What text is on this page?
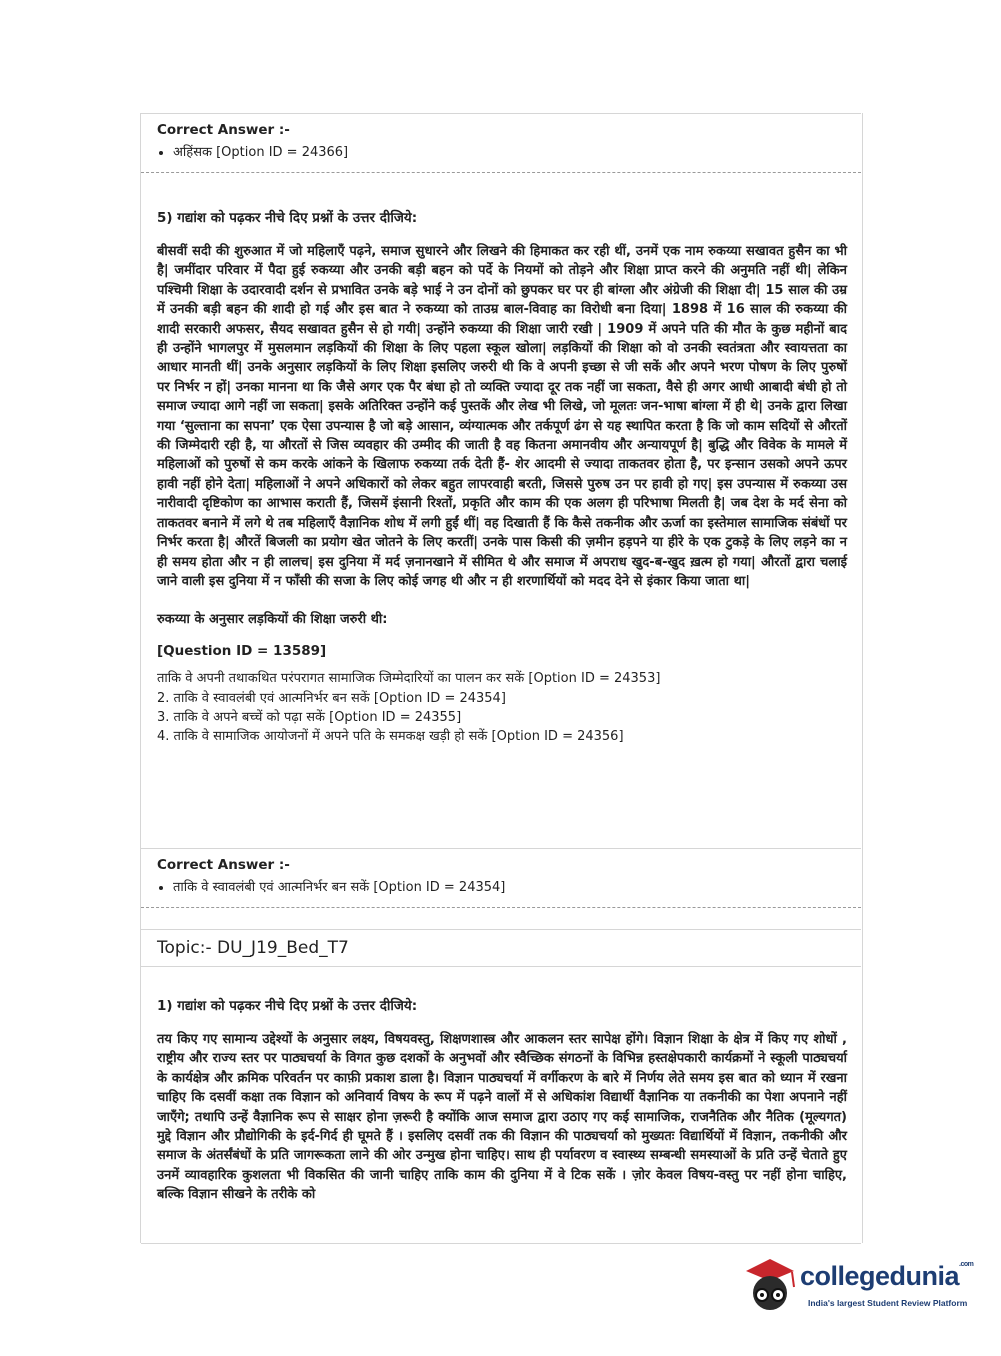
Correct Answer :-
• अहिंसक [Option ID = 24366]
5) गद्यांश को पढ़कर नीचे दिए प्रश्नों के उत्तर दीजिये:

बीसवीं सदी की शुरुआत में जो महिलाएँ पढ़ने, समाज सुधारने और लिखने की हिमाकत कर रही थीं, उनमें एक नाम रुकय्या सखावत हुसैन का भी है| जमींदार परिवार में पैदा हुई रुकय्या और उनकी बड़ी बहन को पर्दे के नियमों को तोड़ने और शिक्षा प्राप्त करने की अनुमति नहीं थी| लेकिन पश्चिमी शिक्षा के उदारवादी दर्शन से प्रभावित उनके बड़े भाई ने उन दोनों को छुपकर घर पर ही बांग्ला और अंग्रेजी की शिक्षा दी| 15 साल की उम्र में उनकी बड़ी बहन की शादी हो गई और इस बात ने रुकय्या को ताउम्र बाल-विवाह का विरोधी बना दिया| 1898 में 16 साल की रुकय्या की शादी सरकारी अफसर, सैयद सखावत हुसैन से हो गयी| उन्होंने रुकय्या की शिक्षा जारी रखी | 1909 में अपने पति की मौत के कुछ महीनों बाद ही उन्होंने भागलपुर में मुसलमान लड़कियों की शिक्षा के लिए पहला स्कूल खोला| लड़कियों की शिक्षा को वो उनकी स्वतंत्रता और स्वायत्तता का आधार मानती थीं| उनके अनुसार लड़कियों के लिए शिक्षा इसलिए जरुरी थी कि वे अपनी इच्छा से जी सकें और अपने भरण पोषण के लिए पुरुषों पर निर्भर न हों| उनका मानना था कि जैसे अगर एक पैर बंधा हो तो व्यक्ति ज्यादा दूर तक नहीं जा सकता, वैसे ही अगर आधी आबादी बंधी हो तो समाज ज्यादा आगे नहीं जा सकता| इसके अतिरिक्त उन्होंने कई पुस्तकें और लेख भी लिखे, जो मूलतः जन-भाषा बांग्ला में ही थे| उनके द्वारा लिखा गया ‘सुल्ताना का सपना’ एक ऐसा उपन्यास है जो बड़े आसान, व्यंग्यात्मक और तर्कपूर्ण ढंग से यह स्थापित करता है कि जो काम सदियों से औरतों की जिम्मेदारी रही है, या औरतों से जिस व्यवहार की उम्मीद की जाती है वह कितना अमानवीय और अन्यायपूर्ण है| बुद्धि और विवेक के मामले में महिलाओं को पुरुषों से कम करके आंकने के खिलाफ रुकय्या तर्क देती हैं- शेर आदमी से ज्यादा ताकतवर होता है, पर इन्सान उसको अपने ऊपर हावी नहीं होने देता| महिलाओं ने अपने अधिकारों को लेकर बहुत लापरवाही बरती, जिससे पुरुष उन पर हावी हो गए| इस उपन्यास में रुकय्या उस नारीवादी दृष्टिकोण का आभास कराती हैं, जिसमें इंसानी रिश्तों, प्रकृति और काम की एक अलग ही परिभाषा मिलती है| जब देश के मर्द सेना को ताकतवर बनाने में लगे थे तब महिलाएँ वैज्ञानिक शोध में लगी हुईं थीं| वह दिखाती हैं कि कैसे तकनीक और ऊर्जा का इस्तेमाल सामाजिक संबंधों पर निर्भर करता है| औरतें बिजली का प्रयोग खेत जोतने के लिए करतीं| उनके पास किसी की ज़मीन हड़पने या हीरे के एक टुकड़े के लिए लड़ने का न ही समय होता और न ही लालच| इस दुनिया में मर्द ज़नानखाने में सीमित थे और समाज में अपराध खुद-ब-खुद ख़त्म हो गया| औरतों द्वारा चलाई जाने वाली इस दुनिया में न फाँसी की सजा के लिए कोई जगह थी और न ही शरणार्थियों को मदद देने से इंकार किया जाता था|

रुकय्या के अनुसार लड़कियों की शिक्षा जरुरी थी:
[Question ID = 13589]
ताकि वे अपनी तथाकथित परंपरागत सामाजिक जिम्मेदारियों का पालन कर सकें [Option ID = 24353]
2. ताकि वे स्वावलंबी एवं आत्मनिर्भर बन सकें [Option ID = 24354]
3. ताकि वे अपने बच्चें को पढ़ा सकें [Option ID = 24355]
4. ताकि वे सामाजिक आयोजनों में अपने पति के समकक्ष खड़ी हो सकें [Option ID = 24356]
Correct Answer :-
• ताकि वे स्वावलंबी एवं आत्मनिर्भर बन सकें [Option ID = 24354]
Topic:- DU_J19_Bed_T7
1) गद्यांश को पढ़कर नीचे दिए प्रश्नों के उत्तर दीजिये:

तय किए गए सामान्य उद्देश्यों के अनुसार लक्ष्य, विषयवस्तु, शिक्षणशास्त्र और आकलन स्तर सापेक्ष होंगे। विज्ञान शिक्षा के क्षेत्र में किए गए शोधों , राष्ट्रीय और राज्य स्तर पर पाठ्यचर्या के विगत कुछ दशकों के अनुभवों और स्वैच्छिक संगठनों के विभिन्न हस्तक्षेपकारी कार्यक्रमों ने स्कूली पाठ्यचर्या के कार्यक्षेत्र और क्रमिक परिवर्तन पर काफ़ी प्रकाश डाला है। विज्ञान पाठ्यचर्या में वर्गीकरण के बारे में निर्णय लेते समय इस बात को ध्यान में रखना चाहिए कि दसवीं कक्षा तक विज्ञान को अनिवार्य विषय के रूप में पढ़ने वालों में से अधिकांश विद्यार्थी वैज्ञानिक या तकनीकी का पेशा अपनाने नहीं जाएँगे; तथापि उन्हें वैज्ञानिक रूप से साक्षर होना ज़रूरी है क्योंकि आज समाज द्वारा उठाए गए कई सामाजिक, राजनैतिक और नैतिक (मूल्यगत) मुद्दे विज्ञान और प्रौद्योगिकी के इर्द-गिर्द ही घूमते हैं । इसलिए दसवीं तक की विज्ञान की पाठ्यचर्या को मुख्यतः विद्यार्थियों में विज्ञान, तकनीकी और समाज के अंतर्संबंधों के प्रति जागरूकता लाने की ओर उन्मुख होना चाहिए। साथ ही पर्यावरण व स्वास्थ्य सम्बन्धी समस्याओं के प्रति उन्हें चेताते हुए उनमें व्यावहारिक कुशलता भी विकसित की जानी चाहिए ताकि काम की दुनिया में वे टिक सकें । ज़ोर केवल विषय-वस्तु पर नहीं होना चाहिए, बल्कि विज्ञान सीखने के तरीके को

collegedunia$^{.com}$
India's largest Student Review Platform
